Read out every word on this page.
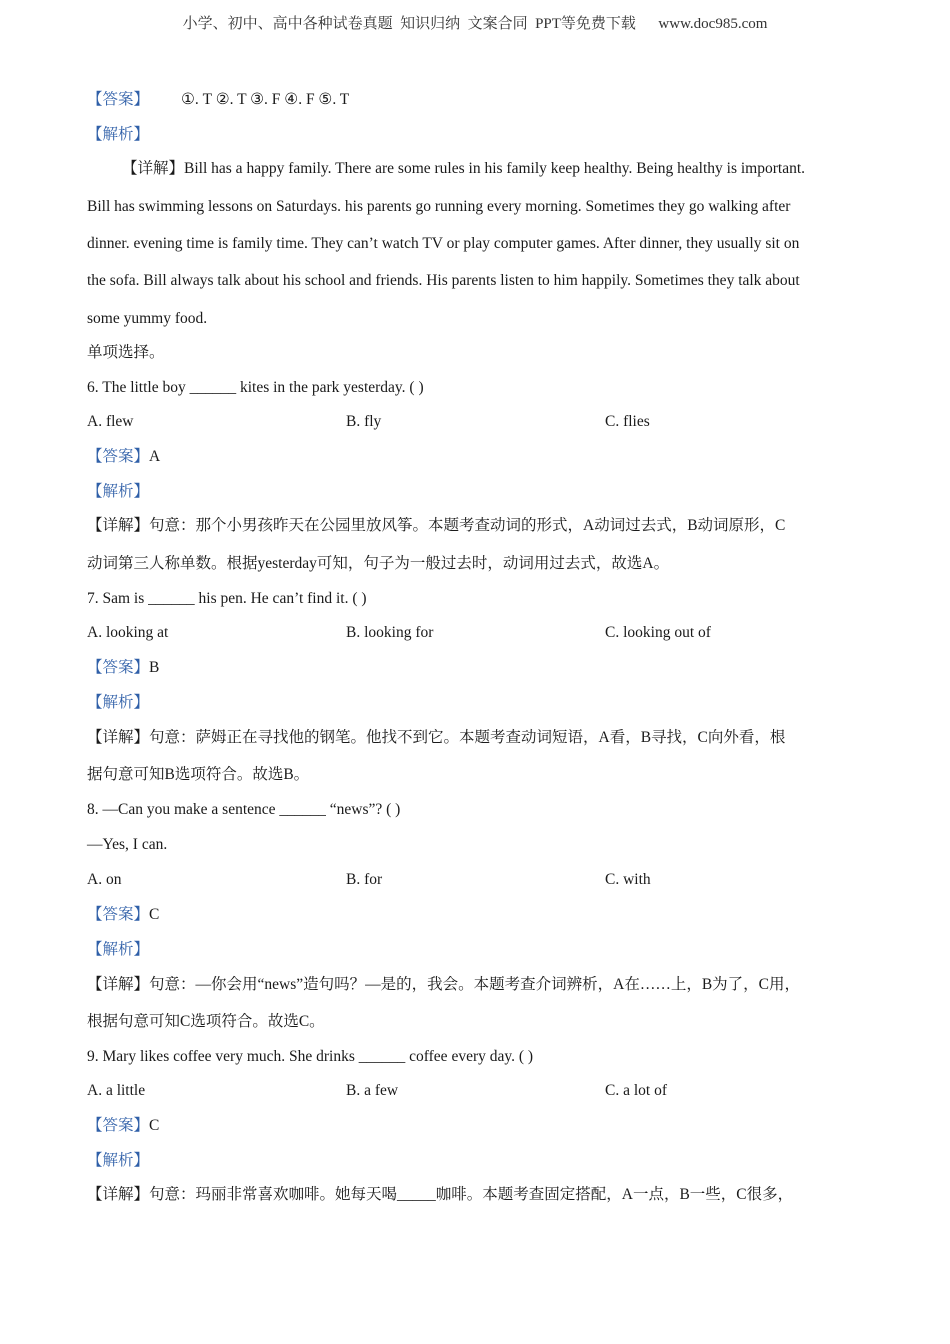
小学、初中、高中各种试卷真题  知识归纳  文案合同  PPT等免费下载      www.doc985.com
【答案】 ①. T ②. T ③. F ④. F ⑤. T
【解析】
【详解】Bill has a happy family. There are some rules in his family keep healthy. Being healthy is important.
Bill has swimming lessons on Saturdays. his parents go running every morning. Sometimes they go walking after
dinner. evening time is family time. They can’t watch TV or play computer games. After dinner, they usually sit on
the sofa. Bill always talk about his school and friends. His parents listen to him happily. Sometimes they talk about
some yummy food.
单项选择。
6. The little boy ______ kites in the park yesterday. ( )
A. flew	B. fly	C. flies
【答案】A
【解析】
【详解】句意：那个小男孩昨天在公园里放风筝。本题考查动词的形式，A动词过去式，B动词原形，C
动词第三人称单数。根据yesterday可知，句子为一般过去时，动词用过去式，故选A。
7. Sam is ______ his pen. He can’t find it. ( )
A. looking at	B. looking for	C. looking out of
【答案】B
【解析】
【详解】句意：萨姆正在寻找他的钢笔。他找不到它。本题考查动词短语，A看，B寻找，C向外看，根
据句意可知B选项符合。故选B。
8. —Can you make a sentence ______ “news”? ( )
—Yes, I can.
A. on	B. for	C. with
【答案】C
【解析】
【详解】句意：—你会用“news”造句吗？—是的，我会。本题考查介词辨析，A在……上，B为了，C用，
根据句意可知C选项符合。故选C。
9. Mary likes coffee very much. She drinks ______ coffee every day. ( )
A. a little	B. a few	C. a lot of
【答案】C
【解析】
【详解】句意：玛丽非常喜欢咖啡。她每天喝_____咖啡。本题考查固定搭配，A一点，B一些，C很多，
